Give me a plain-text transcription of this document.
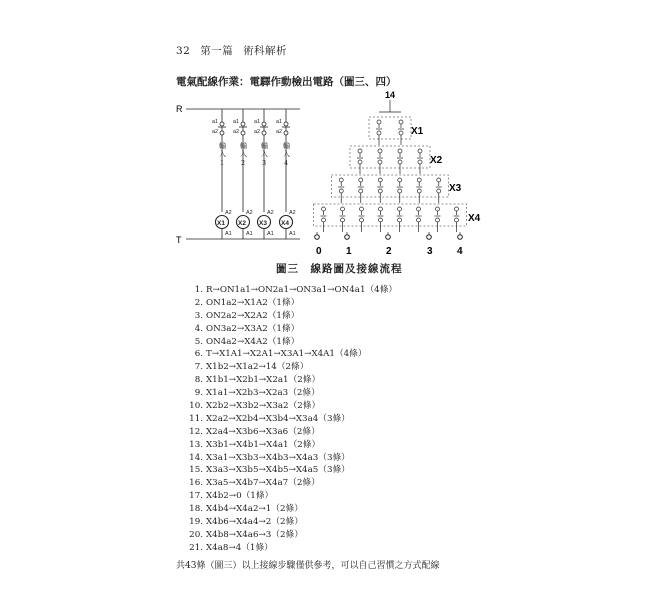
32 第一篇 術科解析
電氣配線作業：電驛作動檢出電路（圖三、四）
a1
a2
輸
入
1
X1
A2
A1
a1
a2
輸
入
2
X2
A2
A1
a1
a2
輸
入
3
X3
A2
A1
a1
a2
輸
入
4
X4
A2
A1
R
T
14
X1
X2
X3
X4
0 1	2	3 4
圖三　線路圖及接線流程
1. R→ON1a1→ON2a1→ON3a1→ON4a1（4條）
2. ON1a2→X1A2（1條）
3. ON2a2→X2A2（1條）
4. ON3a2→X3A2（1條）
5. ON4a2→X4A2（1條）
6. T→X1A1→X2A1→X3A1→X4A1（4條）
7. X1b2→X1a2→14（2條）
8. X1b1→X2b1→X2a1（2條）
9. X1a1→X2b3→X2a3（2條）
10. X2b2→X3b2→X3a2（2條）
11. X2a2→X2b4→X3b4→X3a4（3條）
12. X2a4→X3b6→X3a6（2條）
13. X3b1→X4b1→X4a1（2條）
14. X3a1→X3b3→X4b3→X4a3（3條）
15. X3a3→X3b5→X4b5→X4a5（3條）
16. X3a5→X4b7→X4a7（2條）
17. X4b2→0（1條）
18. X4b4→X4a2→1（2條）
19. X4b6→X4a4→2（2條）
20. X4b8→X4a6→3（2條）
21. X4a8→4（1條）
共43條（圖三）以上接線步驟僅供參考，可以自己習慣之方式配線
